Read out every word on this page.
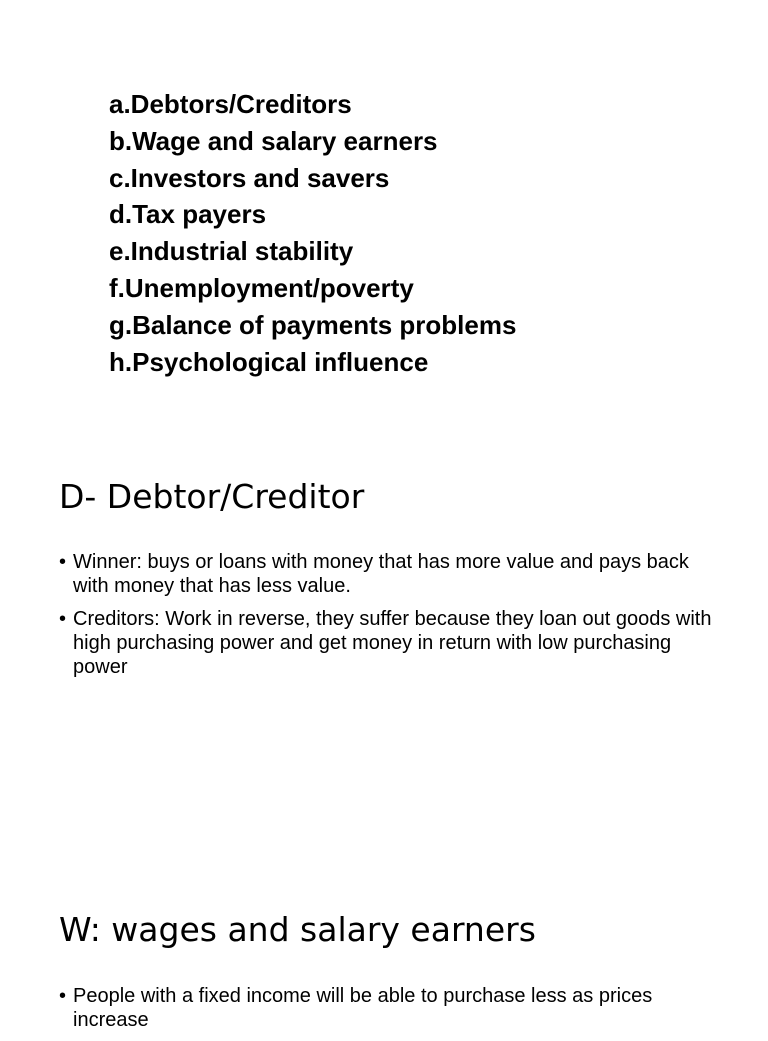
a.Debtors/Creditors
b.Wage and salary earners
c.Investors and savers
d.Tax payers
e.Industrial stability
f.Unemployment/poverty
g.Balance of payments problems
h.Psychological influence
D- Debtor/Creditor
• Winner: buys or loans with money that has more value and pays back with money that has less value.
• Creditors: Work in reverse, they suffer because they loan out goods with high purchasing power and get money in return with low purchasing power
W: wages and salary earners
• People with a fixed income will be able to purchase less as prices increase
